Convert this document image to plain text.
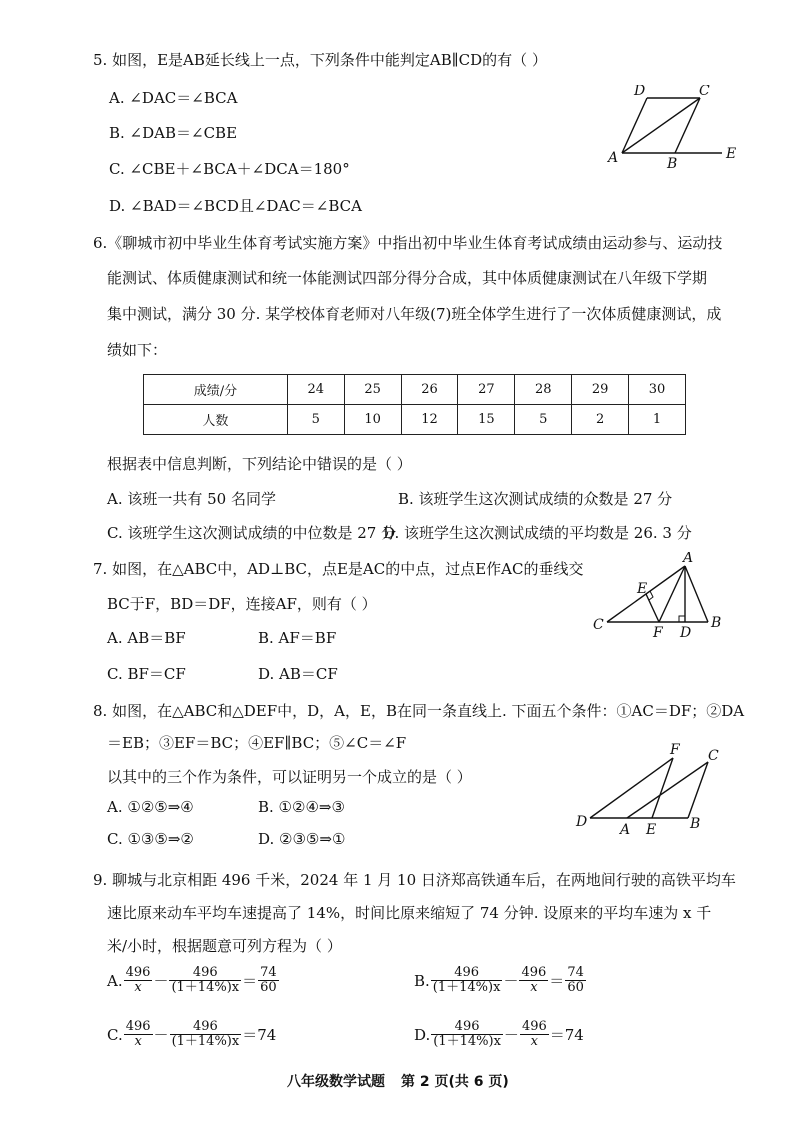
5. 如图，E是AB延长线上一点，下列条件中能判定AB∥CD的有（ ）
A. ∠DAC＝∠BCA
B. ∠DAB＝∠CBE
C. ∠CBE＋∠BCA＋∠DCA＝180°
D. ∠BAD＝∠BCD且∠DAC＝∠BCA
D	C
A	B
E
6.《聊城市初中毕业生体育考试实施方案》中指出初中毕业生体育考试成绩由运动参与、运动技
能测试、体质健康测试和统一体能测试四部分得分合成，其中体质健康测试在八年级下学期
集中测试，满分 30 分. 某学校体育老师对八年级(7)班全体学生进行了一次体质健康测试，成
绩如下：
成绩/分	24	25	26	27	28	29	30
人数	5	10	12	15	5	2	1
根据表中信息判断，下列结论中错误的是（ ）
A. 该班一共有 50 名同学	B. 该班学生这次测试成绩的众数是 27 分
C. 该班学生这次测试成绩的中位数是 27 分
D. 该班学生这次测试成绩的平均数是 26. 3 分
7. 如图，在△ABC中，AD⊥BC，点E是AC的中点，过点E作AC的垂线交
BC于F，BD＝DF，连接AF，则有（ ）
A. AB＝BF	B. AF＝BF
C. BF＝CF	D. AB＝CF
A
E
C	F D
B
8. 如图，在△ABC和△DEF中，D，A，E，B在同一条直线上. 下面五个条件：①AC＝DF；②DA
＝EB；③EF＝BC；④EF∥BC；⑤∠C＝∠F
以其中的三个作为条件，可以证明另一个成立的是（ ）
A. ①②⑤⇒④	B. ①②④⇒③
C. ①③⑤⇒②	D. ②③⑤⇒①
F C
D A E B
9. 聊城与北京相距 496 千米，2024 年 1 月 10 日济郑高铁通车后，在两地间行驶的高铁平均车
速比原来动车平均车速提高了 14%，时间比原来缩短了 74 分钟. 设原来的平均车速为 x 千
米/小时，根据题意可列方程为（ ）
A. $\frac{496}{x} - \frac{496}{(1+14\%)x} = \frac{74}{60}$	B. $\frac{496}{(1+14\%)x} - \frac{496}{x} = \frac{74}{60}$
C. $\frac{496}{x} - \frac{496}{(1+14\%)x} =74$	D. $\frac{496}{(1+14\%)x} - \frac{496}{x} =74$
八年级数学试题 第 2 页(共 6 页)
